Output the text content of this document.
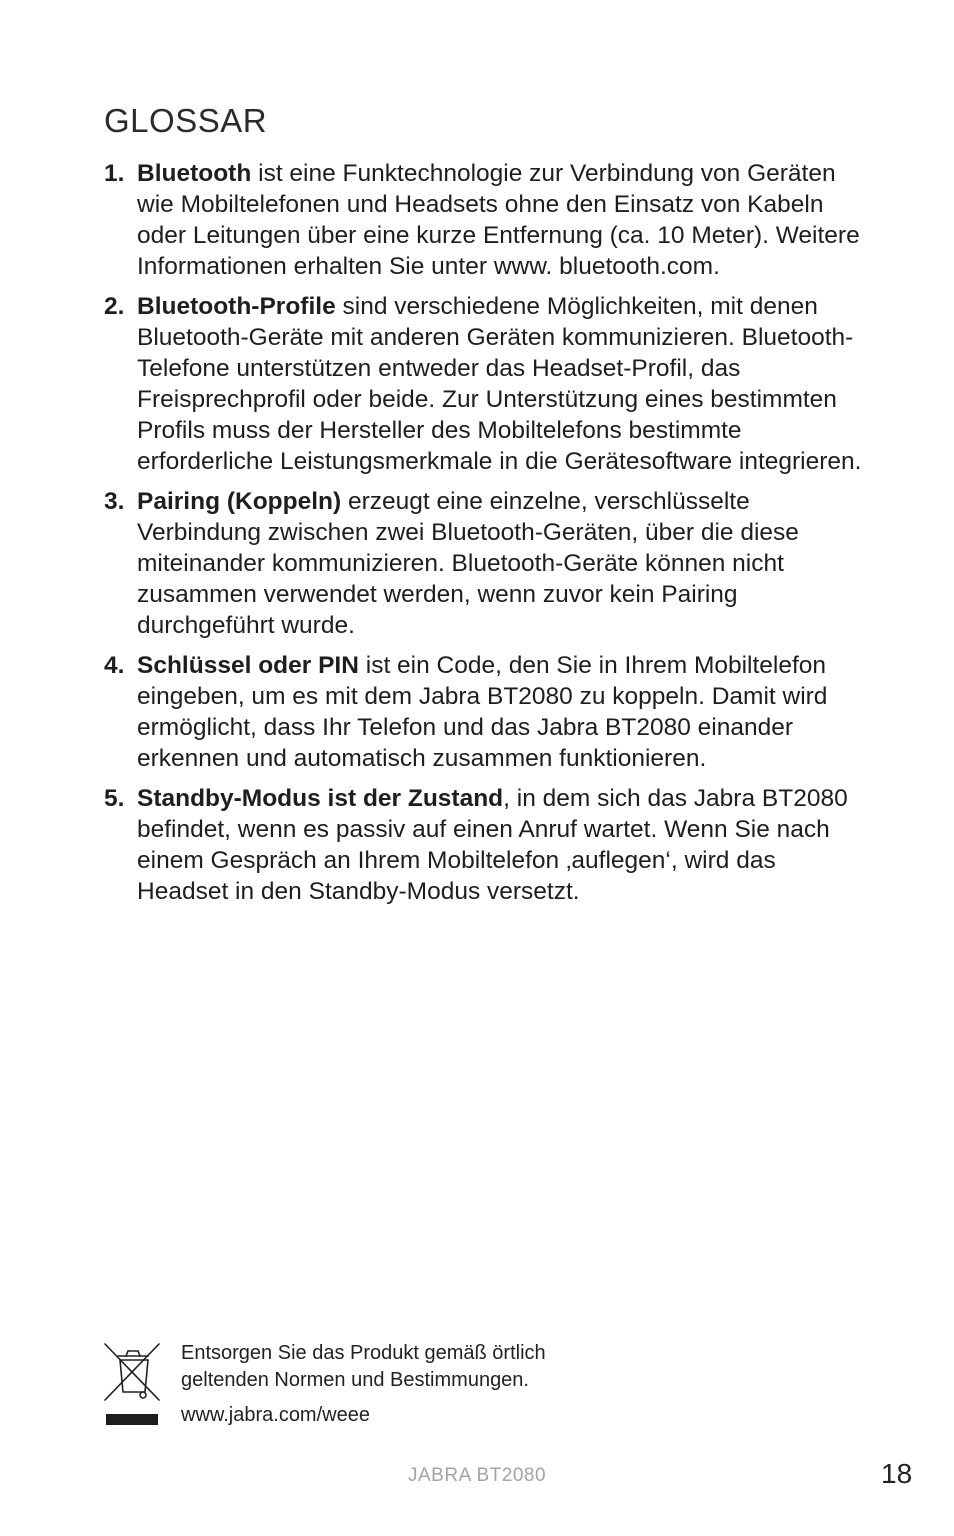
GLOSSAR
1. Bluetooth ist eine Funktechnologie zur Verbindung von Geräten wie Mobiltelefonen und Headsets ohne den Einsatz von Kabeln oder Leitungen über eine kurze Entfernung (ca. 10 Meter). Weitere Informationen erhalten Sie unter www. bluetooth.com.
2. Bluetooth-Profile sind verschiedene Möglichkeiten, mit denen Bluetooth-Geräte mit anderen Geräten kommunizieren. Bluetooth-Telefone unterstützen entweder das Headset-Profil, das Freisprechprofil oder beide. Zur Unterstützung eines bestimmten Profils muss der Hersteller des Mobiltelefons bestimmte erforderliche Leistungsmerkmale in die Gerätesoftware integrieren.
3. Pairing (Koppeln) erzeugt eine einzelne, verschlüsselte Verbindung zwischen zwei Bluetooth-Geräten, über die diese miteinander kommunizieren. Bluetooth-Geräte können nicht zusammen verwendet werden, wenn zuvor kein Pairing durchgeführt wurde.
4. Schlüssel oder PIN ist ein Code, den Sie in Ihrem Mobiltelefon eingeben, um es mit dem Jabra BT2080 zu koppeln. Damit wird ermöglicht, dass Ihr Telefon und das Jabra BT2080 einander erkennen und automatisch zusammen funktionieren.
5. Standby-Modus ist der Zustand, in dem sich das Jabra BT2080 befindet, wenn es passiv auf einen Anruf wartet. Wenn Sie nach einem Gespräch an Ihrem Mobiltelefon ‚auflegen‘, wird das Headset in den Standby-Modus versetzt.
Entsorgen Sie das Produkt gemäß örtlich
geltenden Normen und Bestimmungen.
www.jabra.com/weee
JABRA BT2080	18
